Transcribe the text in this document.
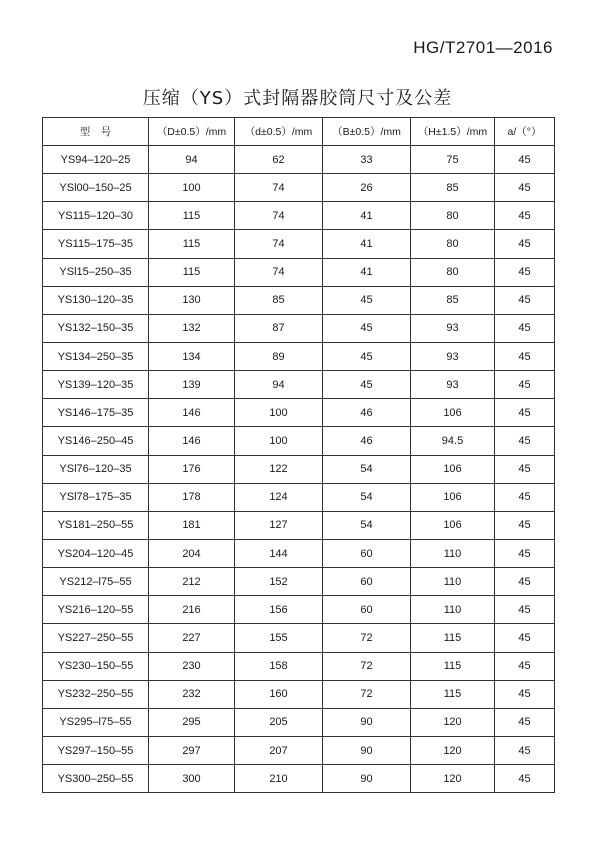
HG/T2701—2016
压缩（YS）式封隔器胶筒尺寸及公差
型　号	（D±0.5）/mm	（d±0.5）/mm	（B±0.5）/mm	（H±1.5）/mm	a/（°）
YS94–120–25	94	62	33	75	45
YSl00–150–25	100	74	26	85	45
YS115–120–30	115	74	41	80	45
YS115–175–35	115	74	41	80	45
YSl15–250–35	115	74	41	80	45
YS130–120–35	130	85	45	85	45
YS132–150–35	132	87	45	93	45
YS134–250–35	134	89	45	93	45
YS139–120–35	139	94	45	93	45
YS146–175–35	146	100	46	106	45
YS146–250–45	146	100	46	94.5	45
YSl76–120–35	176	122	54	106	45
YSl78–175–35	178	124	54	106	45
YS181–250–55	181	127	54	106	45
YS204–120–45	204	144	60	110	45
YS212–l75–55	212	152	60	110	45
YS216–120–55	216	156	60	110	45
YS227–250–55	227	155	72	115	45
YS230–150–55	230	158	72	115	45
YS232–250–55	232	160	72	115	45
YS295–l75–55	295	205	90	120	45
YS297–150–55	297	207	90	120	45
YS300–250–55	300	210	90	120	45
